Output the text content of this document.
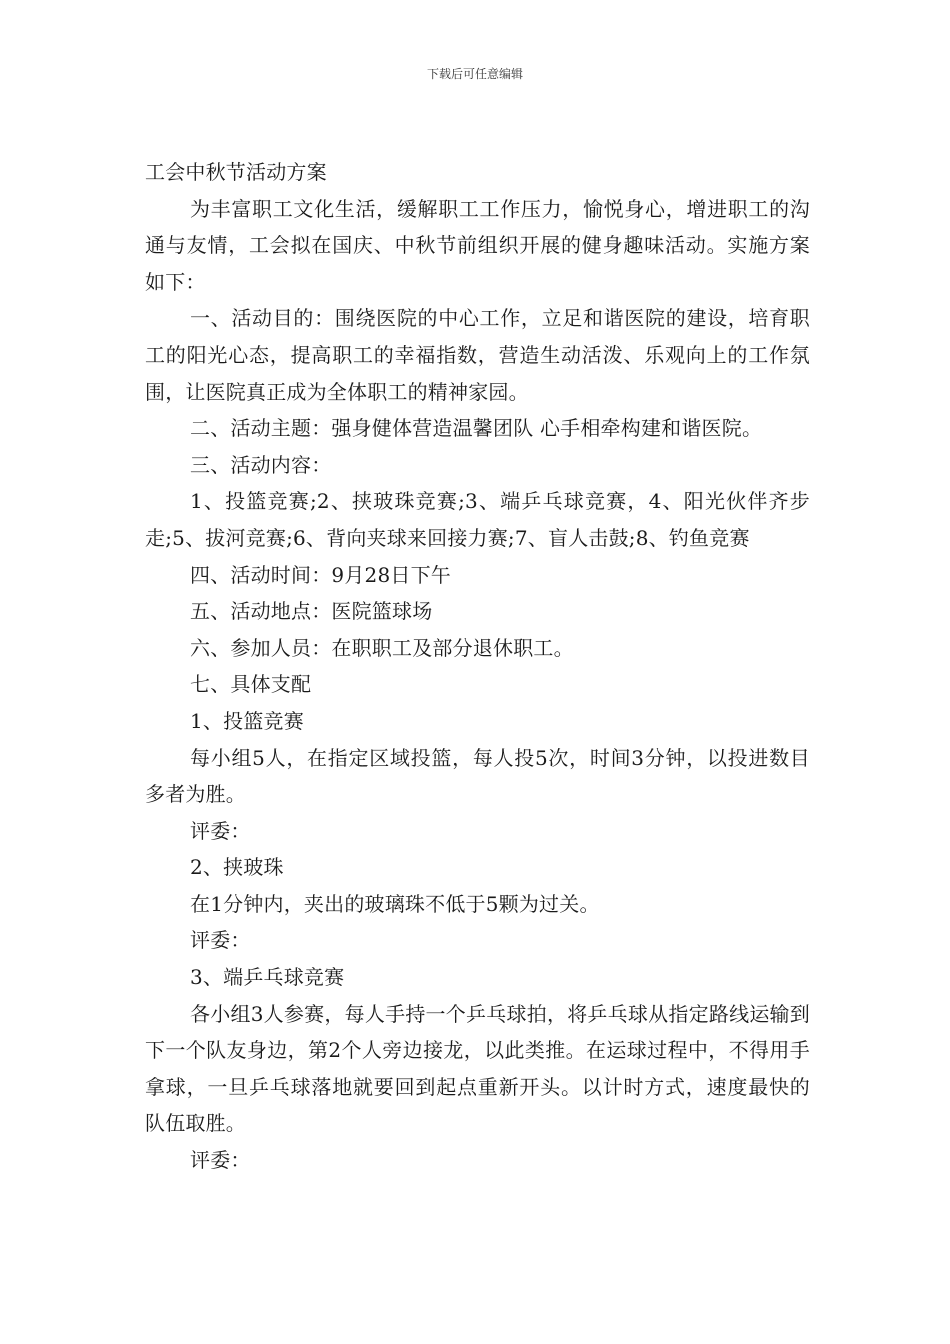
下载后可任意编辑
工会中秋节活动方案

为丰富职工文化生活，缓解职工工作压力，愉悦身心，增进职工的沟通与友情，工会拟在国庆、中秋节前组织开展的健身趣味活动。实施方案如下：

一、活动目的：围绕医院的中心工作，立足和谐医院的建设，培育职工的阳光心态，提高职工的幸福指数，营造生动活泼、乐观向上的工作氛围，让医院真正成为全体职工的精神家园。

二、活动主题：强身健体营造温馨团队 心手相牵构建和谐医院。

三、活动内容：

1、投篮竞赛;2、挟玻珠竞赛;3、端乒乓球竞赛，4、阳光伙伴齐步走;5、拔河竞赛;6、背向夹球来回接力赛;7、盲人击鼓;8、钓鱼竞赛

四、活动时间：9月28日下午

五、活动地点：医院篮球场

六、参加人员：在职职工及部分退休职工。

七、具体支配

1、投篮竞赛

每小组5人，在指定区域投篮，每人投5次，时间3分钟，以投进数目多者为胜。

评委：

2、挟玻珠

在1分钟内，夹出的玻璃珠不低于5颗为过关。

评委：

3、端乒乓球竞赛

各小组3人参赛，每人手持一个乒乓球拍，将乒乓球从指定路线运输到下一个队友身边，第2个人旁边接龙，以此类推。在运球过程中，不得用手拿球，一旦乒乓球落地就要回到起点重新开头。以计时方式，速度最快的队伍取胜。

评委：
